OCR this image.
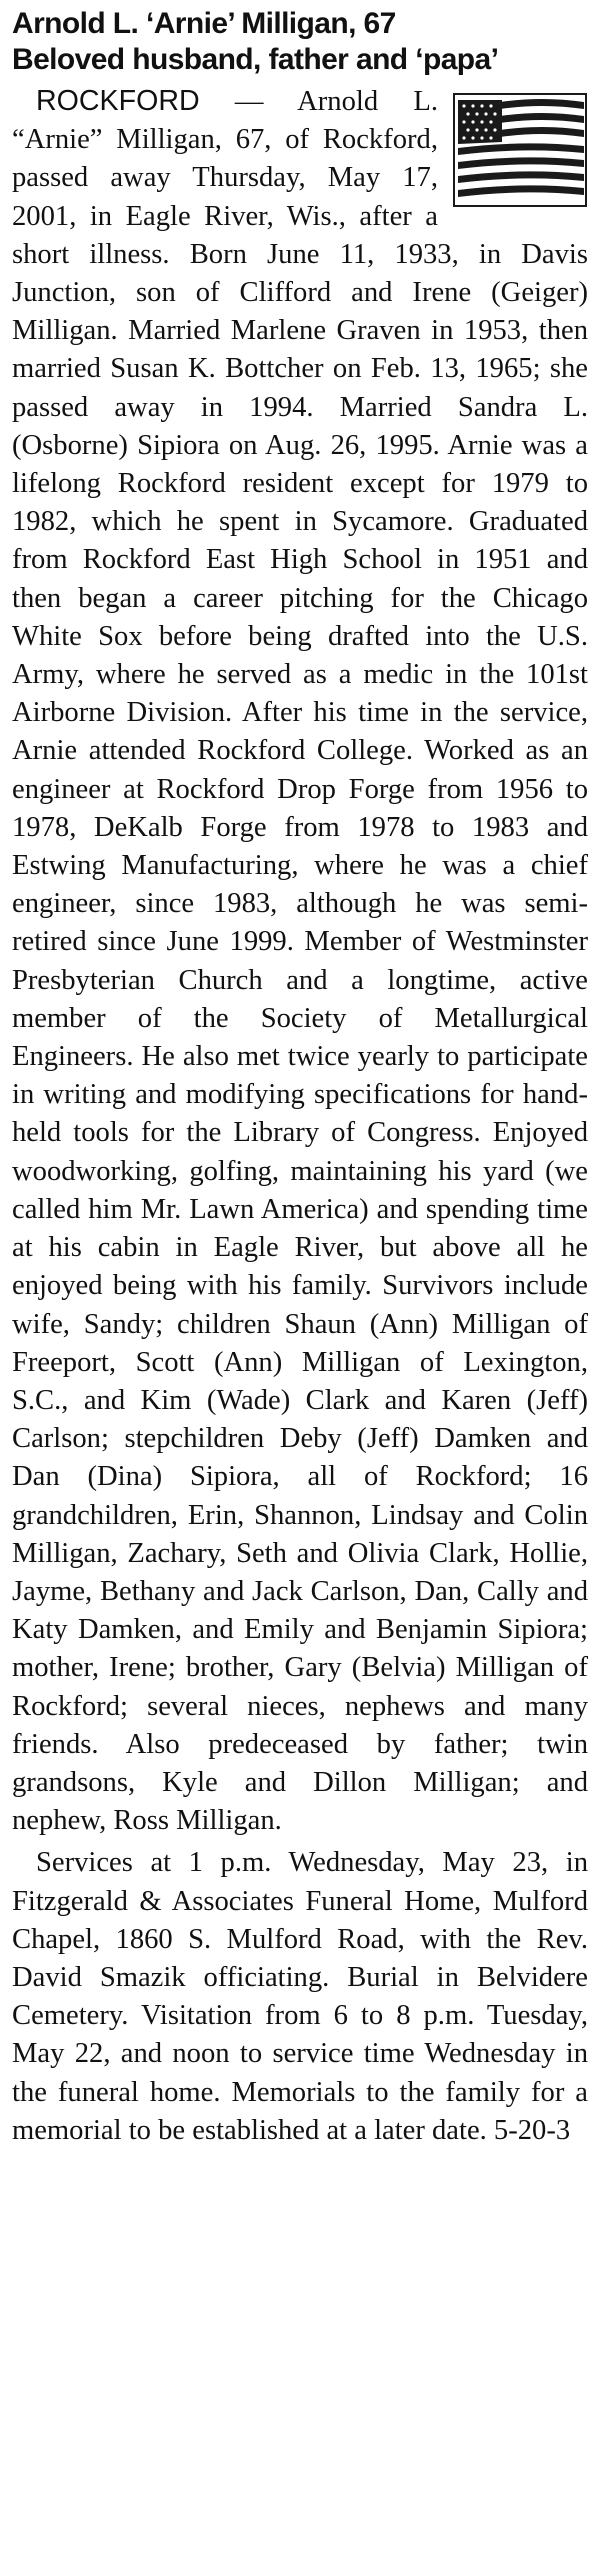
Arnold L. ‘Arnie’ Milligan, 67
Beloved husband, father and ‘papa’

ROCKFORD — Arnold L. “Arnie” Milligan, 67, of Rockford, passed away Thursday, May 17, 2001, in Eagle River, Wis., after a short illness. Born June 11, 1933, in Davis Junction, son of Clifford and Irene (Geiger) Milligan. Married Marlene Graven in 1953, then married Susan K. Bottcher on Feb. 13, 1965; she passed away in 1994. Married Sandra L. (Osborne) Sipiora on Aug. 26, 1995. Arnie was a lifelong Rockford resident except for 1979 to 1982, which he spent in Sycamore. Graduated from Rockford East High School in 1951 and then began a career pitching for the Chicago White Sox before being drafted into the U.S. Army, where he served as a medic in the 101st Airborne Division. After his time in the service, Arnie attended Rockford College. Worked as an engineer at Rockford Drop Forge from 1956 to 1978, DeKalb Forge from 1978 to 1983 and Estwing Manufacturing, where he was a chief engineer, since 1983, although he was semi-retired since June 1999. Member of Westminster Presbyterian Church and a longtime, active member of the Society of Metallurgical Engineers. He also met twice yearly to participate in writing and modifying specifications for hand-held tools for the Library of Congress. Enjoyed woodworking, golfing, maintaining his yard (we called him Mr. Lawn America) and spending time at his cabin in Eagle River, but above all he enjoyed being with his family. Survivors include wife, Sandy; children Shaun (Ann) Milligan of Freeport, Scott (Ann) Milligan of Lexington, S.C., and Kim (Wade) Clark and Karen (Jeff) Carlson; stepchildren Deby (Jeff) Damken and Dan (Dina) Sipiora, all of Rockford; 16 grandchildren, Erin, Shannon, Lindsay and Colin Milligan, Zachary, Seth and Olivia Clark, Hollie, Jayme, Bethany and Jack Carlson, Dan, Cally and Katy Damken, and Emily and Benjamin Sipiora; mother, Irene; brother, Gary (Belvia) Milligan of Rockford; several nieces, nephews and many friends. Also predeceased by father; twin grandsons, Kyle and Dillon Milligan; and nephew, Ross Milligan.

Services at 1 p.m. Wednesday, May 23, in Fitzgerald & Associates Funeral Home, Mulford Chapel, 1860 S. Mulford Road, with the Rev. David Smazik officiating. Burial in Belvidere Cemetery. Visitation from 6 to 8 p.m. Tuesday, May 22, and noon to service time Wednesday in the funeral home. Memorials to the family for a memorial to be established at a later date. 5-20-3
